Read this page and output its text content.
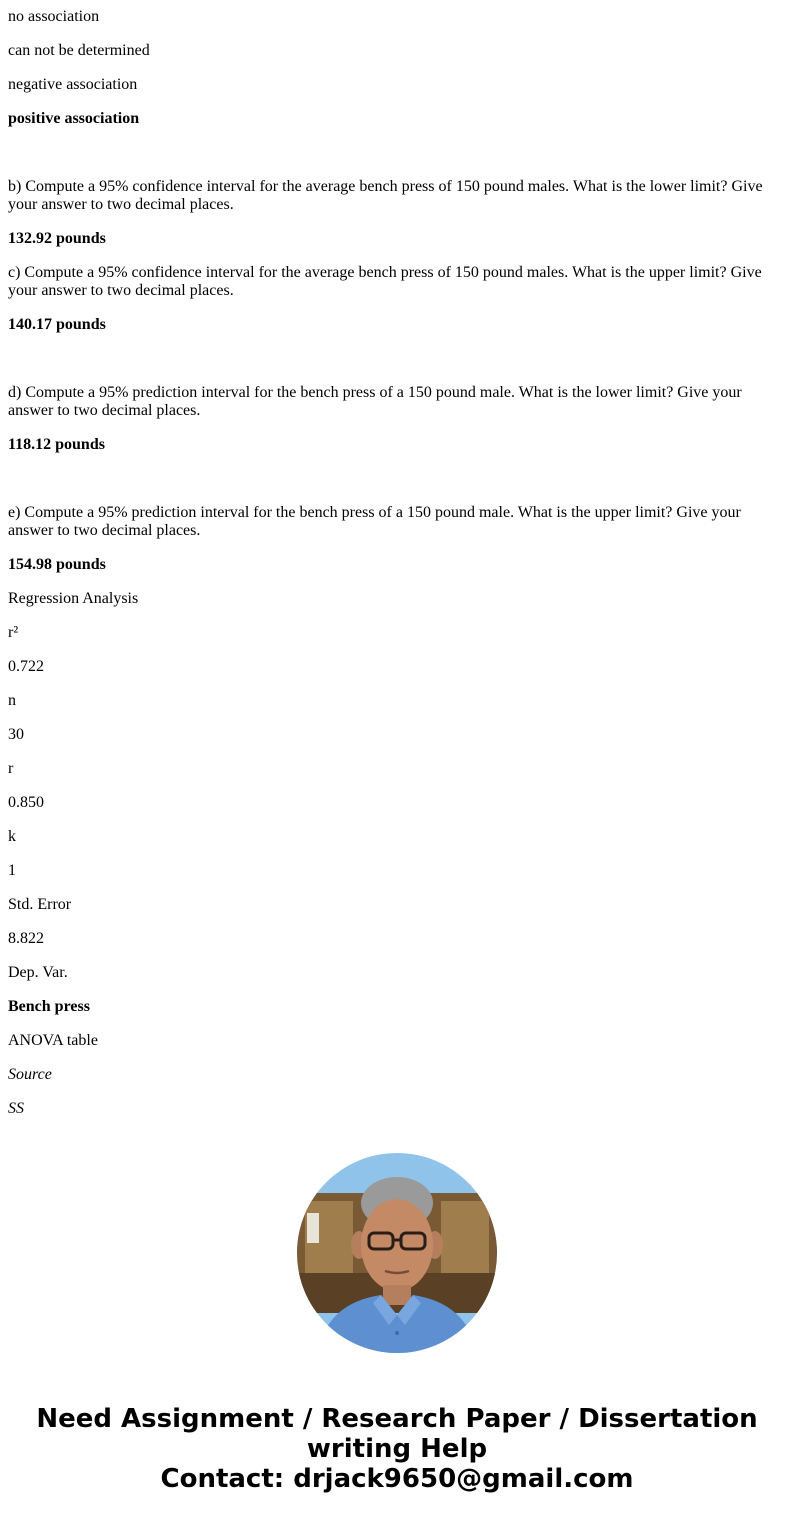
no association

can not be determined

negative association

positive association

b) Compute a 95% confidence interval for the average bench press of 150 pound males. What is the lower limit? Give your answer to two decimal places.

132.92 pounds

c) Compute a 95% confidence interval for the average bench press of 150 pound males. What is the upper limit? Give your answer to two decimal places.

140.17 pounds

d) Compute a 95% prediction interval for the bench press of a 150 pound male. What is the lower limit? Give your answer to two decimal places.

118.12 pounds

e) Compute a 95% prediction interval for the bench press of a 150 pound male. What is the upper limit? Give your answer to two decimal places.

154.98 pounds

Regression Analysis

r²

0.722

n

30

r

0.850

k

1

Std. Error

8.822

Dep. Var.

Bench press

ANOVA table

Source

SS

Need Assignment / Research Paper / Dissertation
writing Help
Contact: drjack9650@gmail.com
